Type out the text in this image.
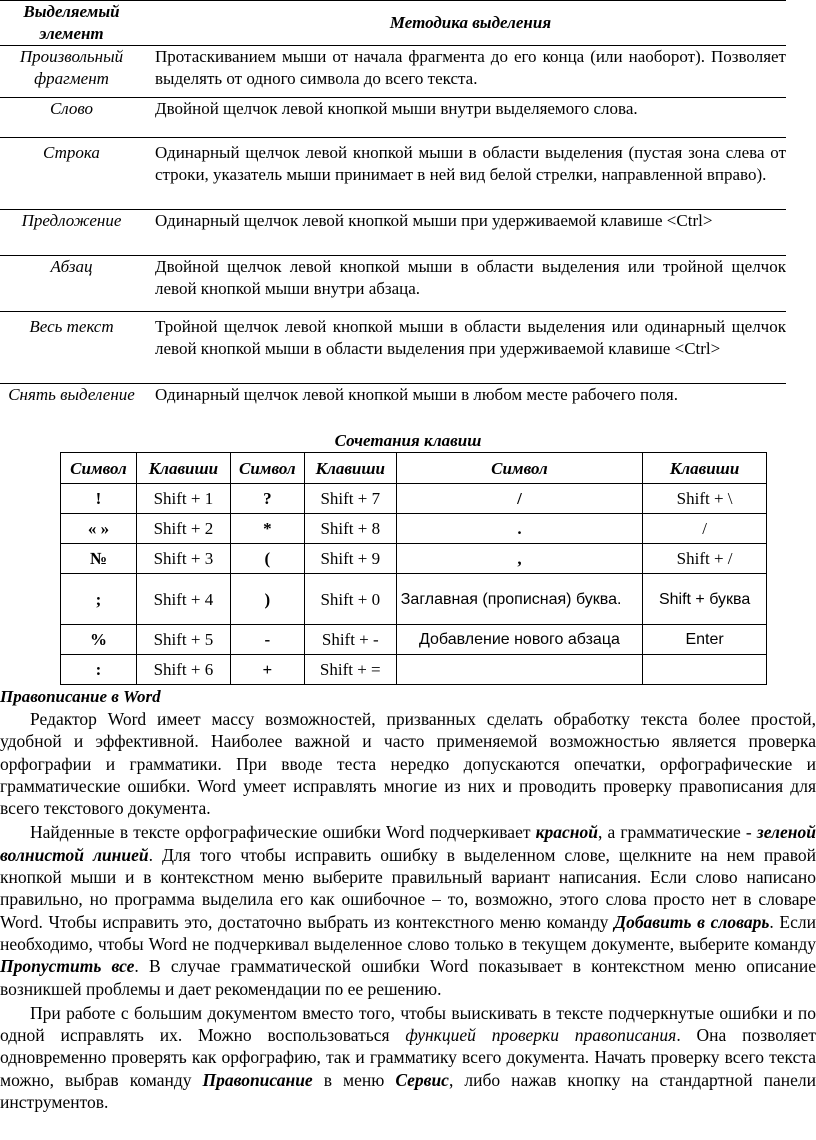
Выделяемый элемент	Методика выделения
Произвольный фрагмент	Протаскиванием мыши от начала фрагмента до его конца (или наоборот). Позволяет выделять от одного символа до всего текста.
Слово	Двойной щелчок левой кнопкой мыши внутри выделяемого слова.
Строка	Одинарный щелчок левой кнопкой мыши в области выделения (пустая зона слева от строки, указатель мыши принимает в ней вид белой стрелки, направленной вправо).
Предложение	Одинарный щелчок левой кнопкой мыши при удерживаемой клавише <Ctrl>
Абзац	Двойной щелчок левой кнопкой мыши в области выделения или тройной щелчок левой кнопкой мыши внутри абзаца.
Весь текст	Тройной щелчок левой кнопкой мыши в области выделения или одинарный щелчок левой кнопкой мыши в области выделения при удерживаемой клавише <Ctrl>
Снять выделение	Одинарный щелчок левой кнопкой мыши в любом месте рабочего поля.
Сочетания клавиш
Символ	Клавиши	Символ	Клавиши	Символ	Клавиши
!	Shift + 1	?	Shift + 7	/	Shift + \
« »	Shift + 2	*	Shift + 8	.	/
№	Shift + 3	(	Shift + 9	,	Shift + /
;	Shift + 4	)	Shift + 0	Заглавная (прописная) буква.	Shift + буква
%	Shift + 5	-	Shift + -	Добавление нового абзаца	Enter
:	Shift + 6	+	Shift + =		
Правописание в Word

Редактор Word имеет массу возможностей, призванных сделать обработку текста более простой, удобной и эффективной. Наиболее важной и часто применяемой возможностью является проверка орфографии и грамматики. При вводе теста нередко допускаются опечатки, орфографические и грамматические ошибки. Word умеет исправлять многие из них и проводить проверку правописания для всего текстового документа.

Найденные в тексте орфографические ошибки Word подчеркивает красной, а грамматические - зеленой волнистой линией. Для того чтобы исправить ошибку в выделенном слове, щелкните на нем правой кнопкой мыши и в контекстном меню выберите правильный вариант написания. Если слово написано правильно, но программа выделила его как ошибочное – то, возможно, этого слова просто нет в словаре Word. Чтобы исправить это, достаточно выбрать из контекстного меню команду Добавить в словарь. Если необходимо, чтобы Word не подчеркивал выделенное слово только в текущем документе, выберите команду Пропустить все. В случае грамматической ошибки Word показывает в контекстном меню описание возникшей проблемы и дает рекомендации по ее решению.

При работе с большим документом вместо того, чтобы выискивать в тексте подчеркнутые ошибки и по одной исправлять их. Можно воспользоваться функцией проверки правописания. Она позволяет одновременно проверять как орфографию, так и грамматику всего документа. Начать проверку всего текста можно, выбрав команду Правописание в меню Сервис, либо нажав кнопку на стандартной панели инструментов.
